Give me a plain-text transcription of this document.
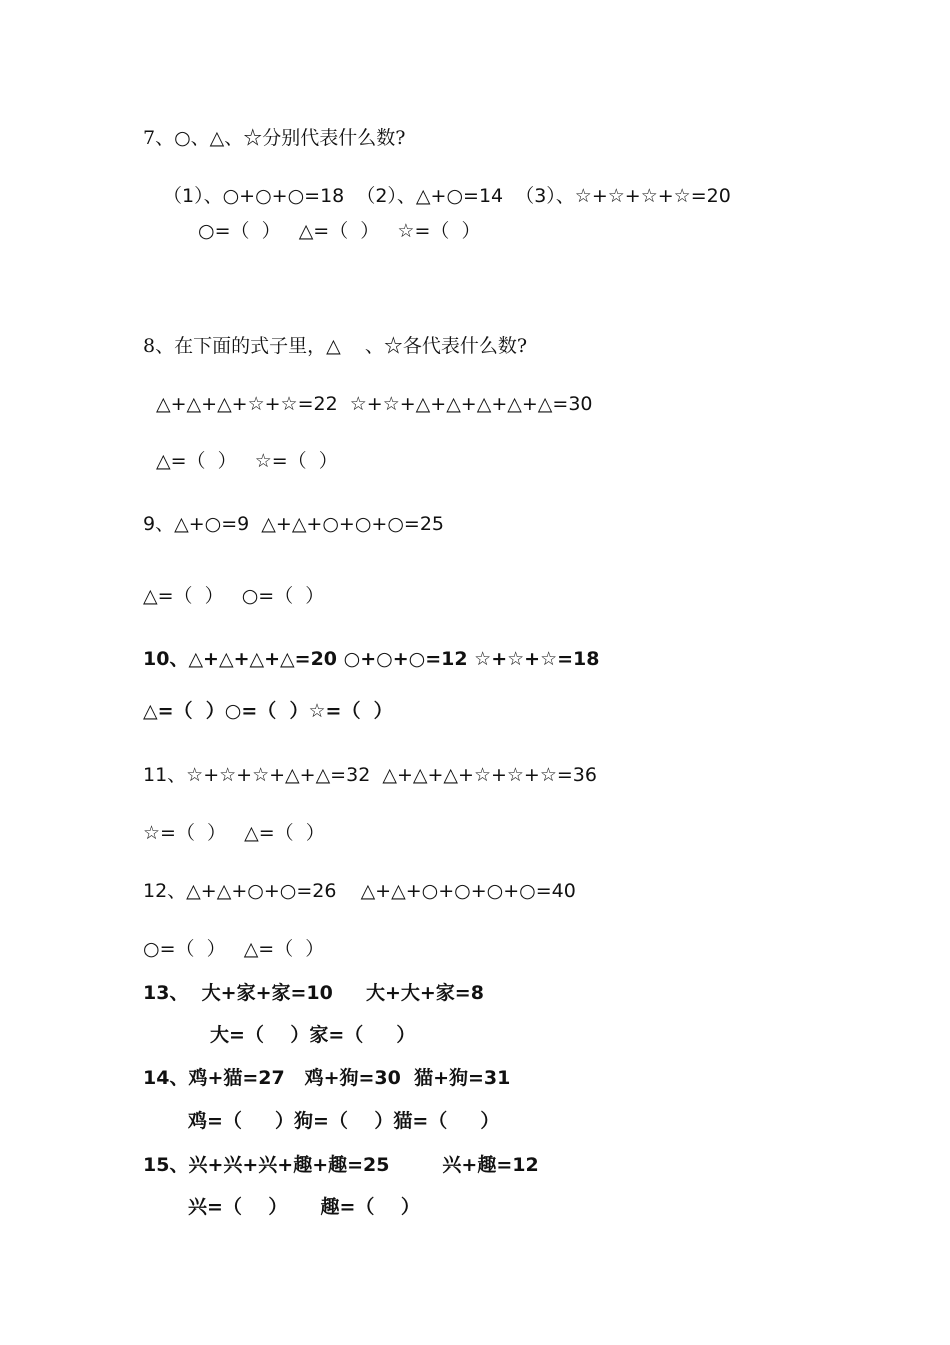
7、○、△、☆分别代表什么数?
（1）、○+○+○=18  （2）、△+○=14  （3）、☆+☆+☆+☆=20
○=（  ）   △=（  ）   ☆=（  ）
8、在下面的式子里，△    、☆各代表什么数?
△+△+△+☆+☆=22  ☆+☆+△+△+△+△+△=30
△=（  ）   ☆=（  ）
9、△+○=9  △+△+○+○+○=25
△=（  ）   ○=（  ）
10、△+△+△+△=20 ○+○+○=12 ☆+☆+☆=18
△=（  ）○=（  ）☆=（  ）
11、☆+☆+☆+△+△=32  △+△+△+☆+☆+☆=36
☆=（  ）   △=（  ）
12、△+△+○+○=26    △+△+○+○+○+○=40
○=（  ）   △=（  ）
13、  大+家+家=10     大+大+家=8
大=（    ）家=（     ）
14、鸡+猫=27   鸡+狗=30  猫+狗=31
鸡=（     ）狗=（    ）猫=（     ）
15、兴+兴+兴+趣+趣=25        兴+趣=12
兴=（    ）     趣=（    ）
